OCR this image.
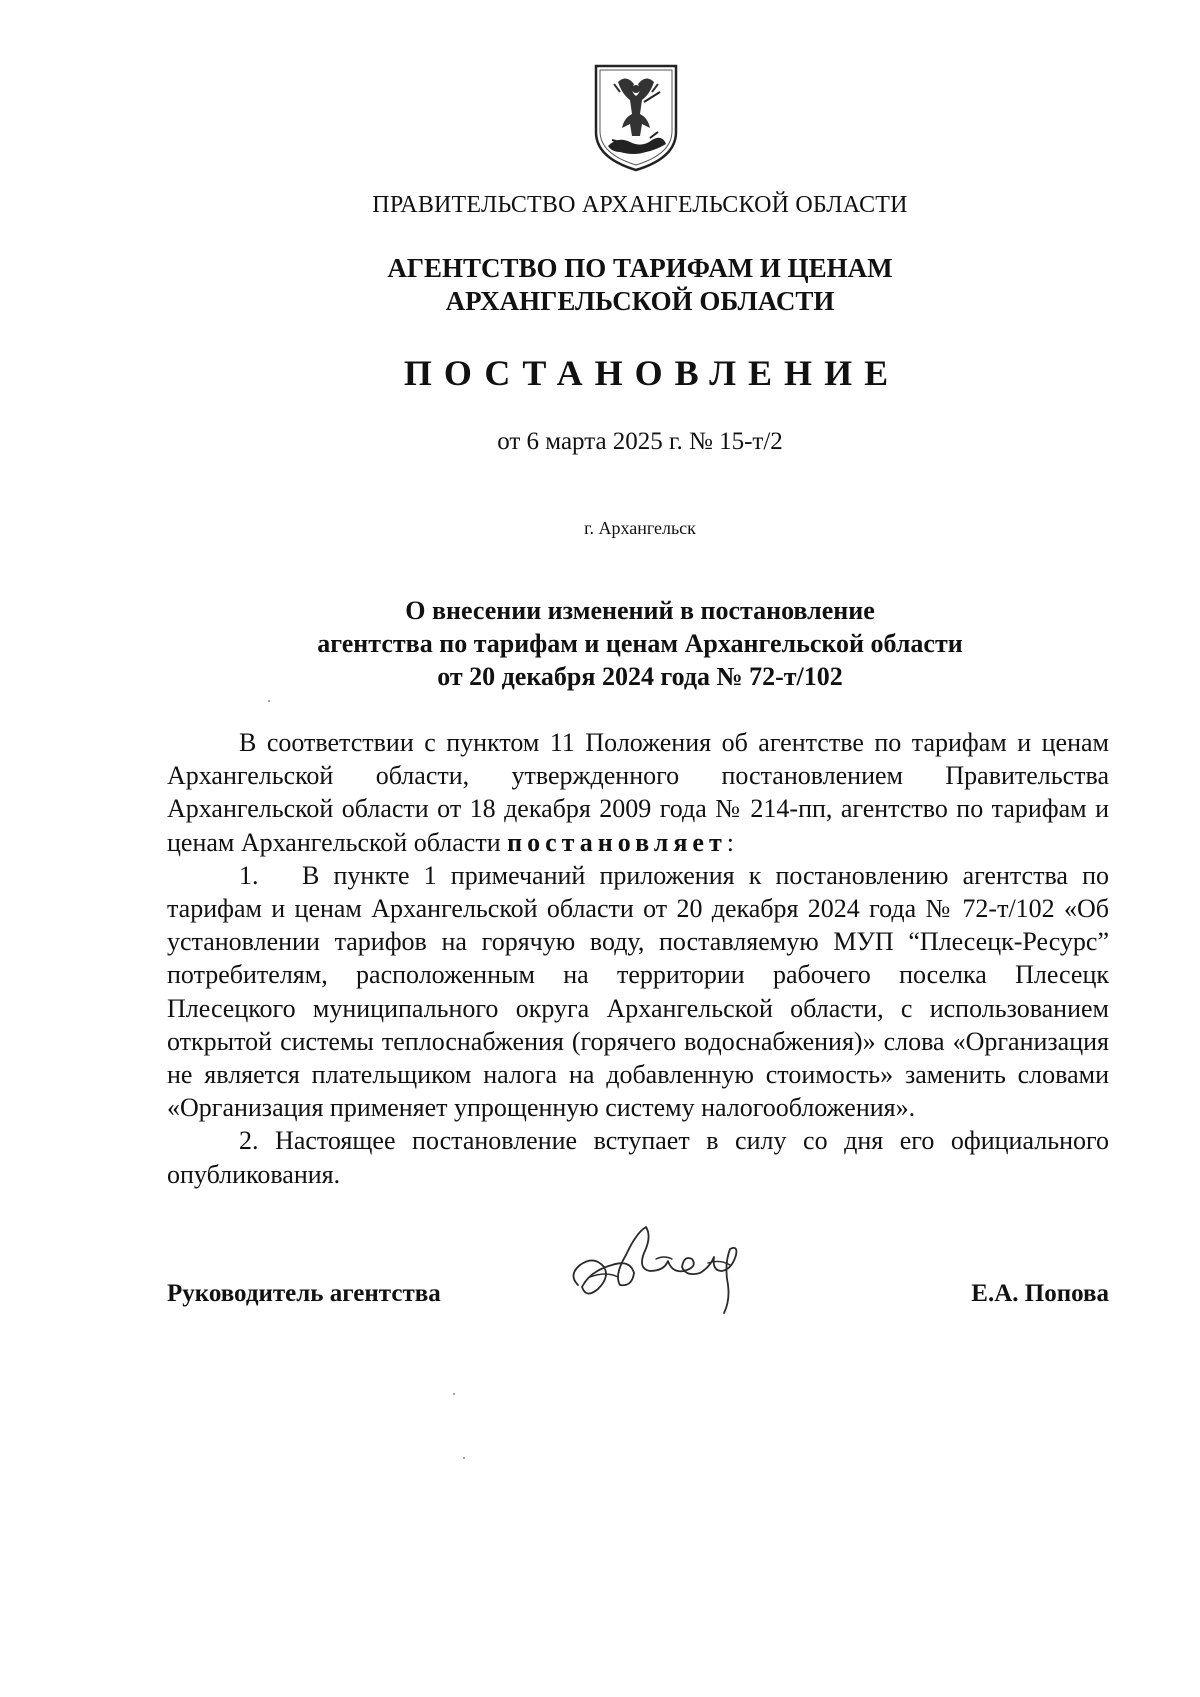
ПРАВИТЕЛЬСТВО АРХАНГЕЛЬСКОЙ ОБЛАСТИ
АГЕНТСТВО ПО ТАРИФАМ И ЦЕНАМ
АРХАНГЕЛЬСКОЙ ОБЛАСТИ
ПОСТАНОВЛЕНИЕ
от 6 марта 2025 г. № 15-т/2
г. Архангельск
О внесении изменений в постановление
агентства по тарифам и ценам Архангельской области
от 20 декабря 2024 года № 72-т/102

В соответствии с пунктом 11 Положения об агентстве по тарифам и ценам Архангельской области, утвержденного постановлением Правительства Архангельской области от 18 декабря 2009 года № 214-пп, агентство по тарифам и ценам Архангельской области постановляет:

1. В пункте 1 примечаний приложения к постановлению агентства по тарифам и ценам Архангельской области от 20 декабря 2024 года № 72-т/102 «Об установлении тарифов на горячую воду, поставляемую МУП “Плесецк-Ресурс” потребителям, расположенным на территории рабочего поселка Плесецк Плесецкого муниципального округа Архангельской области, с использованием открытой системы теплоснабжения (горячего водоснабжения)» слова «Организация не является плательщиком налога на добавленную стоимость» заменить словами «Организация применяет упрощенную систему налогообложения».

2. Настоящее постановление вступает в силу со дня его официального опубликования.

Руководитель агентства	Е.А. Попова
